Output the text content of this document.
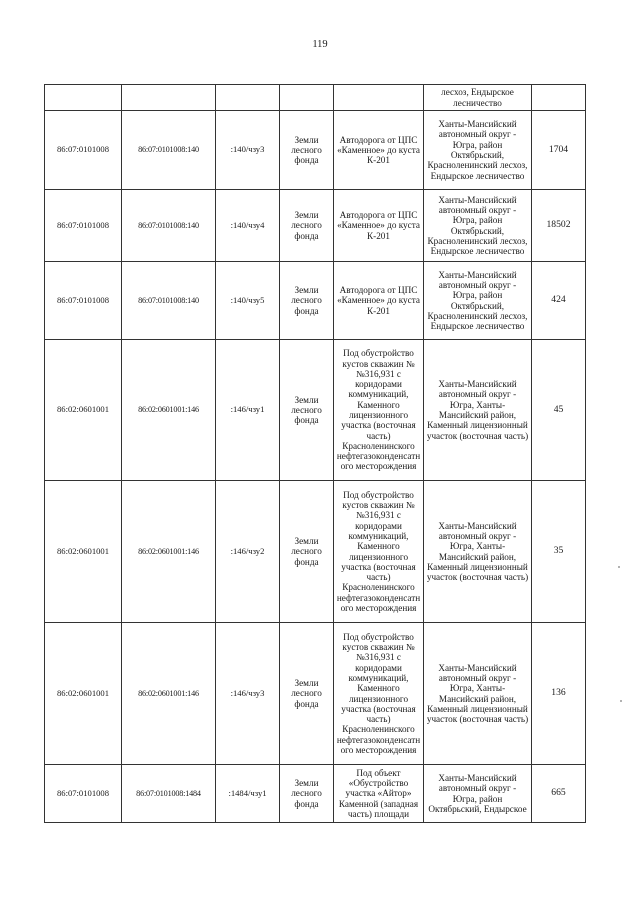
119
					лесхоз, Ендырское лесничество	
86:07:0101008	86:07:0101008:140	:140/чзу3	Земли лесного фонда	Автодорога от ЦПС «Каменное» до куста К-201	Ханты-Мансийский автономный округ - Югра, район Октябрьский, Красноленинский лесхоз, Ендырское лесничество	1704
86:07:0101008	86:07:0101008:140	:140/чзу4	Земли лесного фонда	Автодорога от ЦПС «Каменное» до куста К-201	Ханты-Мансийский автономный округ - Югра, район Октябрьский, Красноленинский лесхоз, Ендырское лесничество	18502
86:07:0101008	86:07:0101008:140	:140/чзу5	Земли лесного фонда	Автодорога от ЦПС «Каменное» до куста К-201	Ханты-Мансийский автономный округ - Югра, район Октябрьский, Красноленинский лесхоз, Ендырское лесничество	424
86:02:0601001	86:02:0601001:146	:146/чзу1	Земли лесного фонда	Под обустройство кустов скважин №№316,931 с коридорами коммуникаций, Каменного лицензионного участка (восточная часть) Красноленинского нефтегазоконденсатного месторождения	Ханты-Мансийский автономный округ - Югра, Ханты-Мансийский район, Каменный лицензионный участок (восточная часть)	45
86:02:0601001	86:02:0601001:146	:146/чзу2	Земли лесного фонда	Под обустройство кустов скважин №№316,931 с коридорами коммуникаций, Каменного лицензионного участка (восточная часть) Красноленинского нефтегазоконденсатного месторождения	Ханты-Мансийский автономный округ - Югра, Ханты-Мансийский район, Каменный лицензионный участок (восточная часть)	35
86:02:0601001	86:02:0601001:146	:146/чзу3	Земли лесного фонда	Под обустройство кустов скважин №№316,931 с коридорами коммуникаций, Каменного лицензионного участка (восточная часть) Красноленинского нефтегазоконденсатного месторождения	Ханты-Мансийский автономный округ - Югра, Ханты-Мансийский район, Каменный лицензионный участок (восточная часть)	136
86:07:0101008	86:07:0101008:1484	:1484/чзу1	Земли лесного фонда	Под объект «Обустройство участка «Айтор» Каменной (западная часть) площади	Ханты-Мансийский автономный округ - Югра, район Октябрьский, Ендырское	665
